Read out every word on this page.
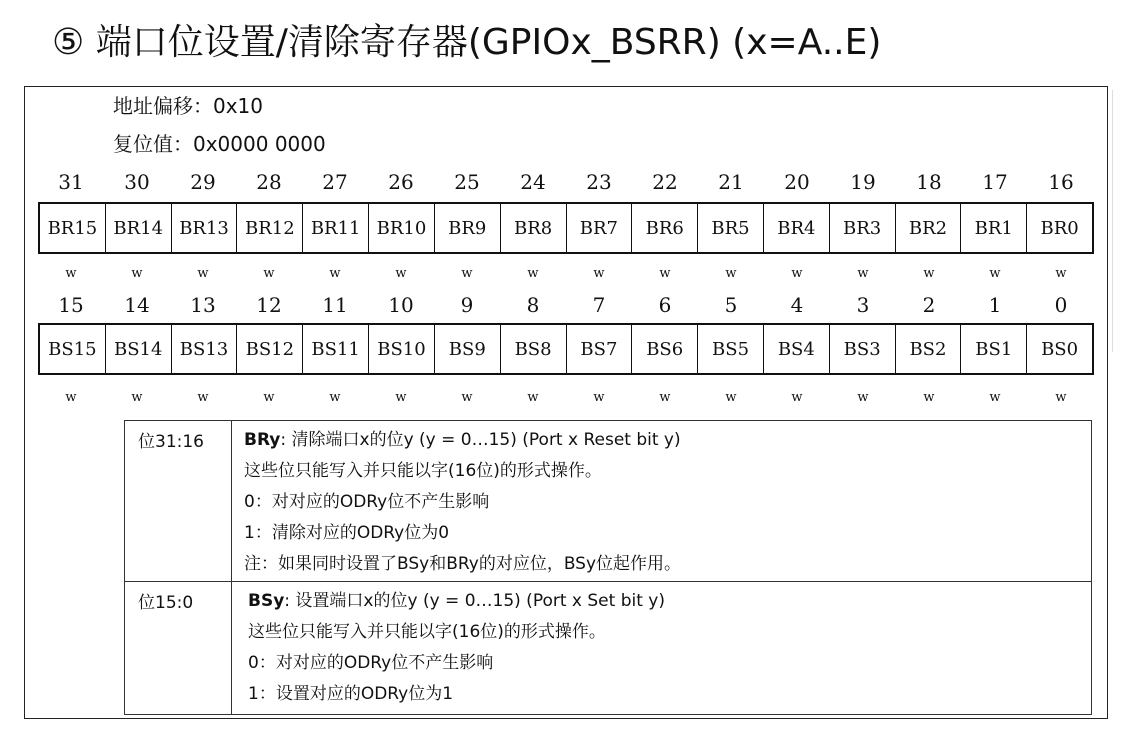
⑤ 端口位设置/清除寄存器(GPIOx_BSRR) (x=A..E)
地址偏移：0x10
复位值：0x0000 0000
31	30	29	28	27	26	25	24	23	22	21	20	19	18	17	16
BR15 BR14 BR13 BR12 BR11 BR10	BR9	BR8	BR7	BR6	BR5	BR4	BR3	BR2	BR1	BR0
w	w	w	w	w	w	w	w	w	w	w	w	w	w	w	w
15	14	13	12	11	10	9	8	7	6	5	4	3	2	1	0
BS15 BS14 BS13 BS12 BS11 BS10	BS9	BS8	BS7	BS6	BS5	BS4	BS3	BS2	BS1	BS0
w	w	w	w	w	w	w	w	w	w	w	w	w	w	w	w
位31:16	BRy: 清除端口x的位y (y = 0…15) (Port x Reset bit y)
这些位只能写入并只能以字(16位)的形式操作。
0：对对应的ODRy位不产生影响
1：清除对应的ODRy位为0
注：如果同时设置了BSy和BRy的对应位，BSy位起作用。
位15:0	BSy: 设置端口x的位y (y = 0…15) (Port x Set bit y)
这些位只能写入并只能以字(16位)的形式操作。
0：对对应的ODRy位不产生影响
1：设置对应的ODRy位为1
